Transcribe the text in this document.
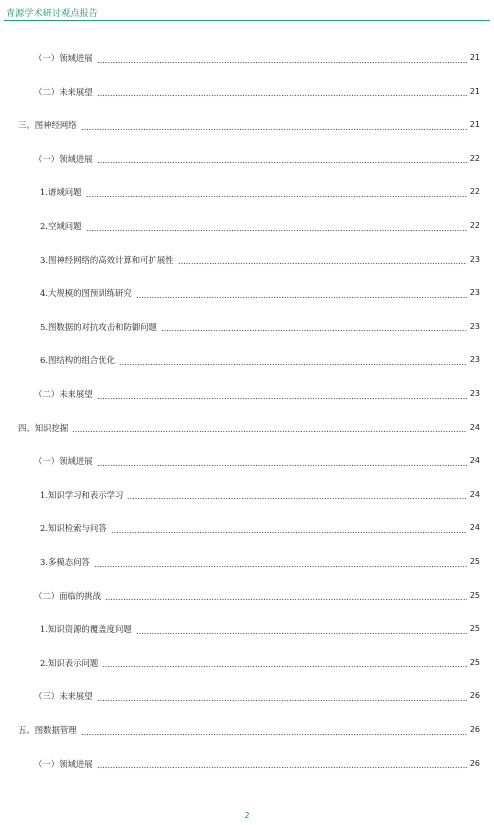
青源学术研讨观点报告
（一）领域进展	21
（二）未来展望	21
三、图神经网络	21
（一）领域进展	22
1.谱域问题	22
2.空域问题	22
3.图神经网络的高效计算和可扩展性	23
4.大规模的图预训练研究	23
5.图数据的对抗攻击和防御问题	23
6.图结构的组合优化	23
（二）未来展望	23
四、知识挖掘	24
（一）领域进展	24
1.知识学习和表示学习	24
2.知识检索与问答	24
3.多模态问答	25
（二）面临的挑战	25
1.知识资源的覆盖度问题	25
2.知识表示问题	25
（三）未来展望	26
五、图数据管理	26
（一）领域进展	26
2
